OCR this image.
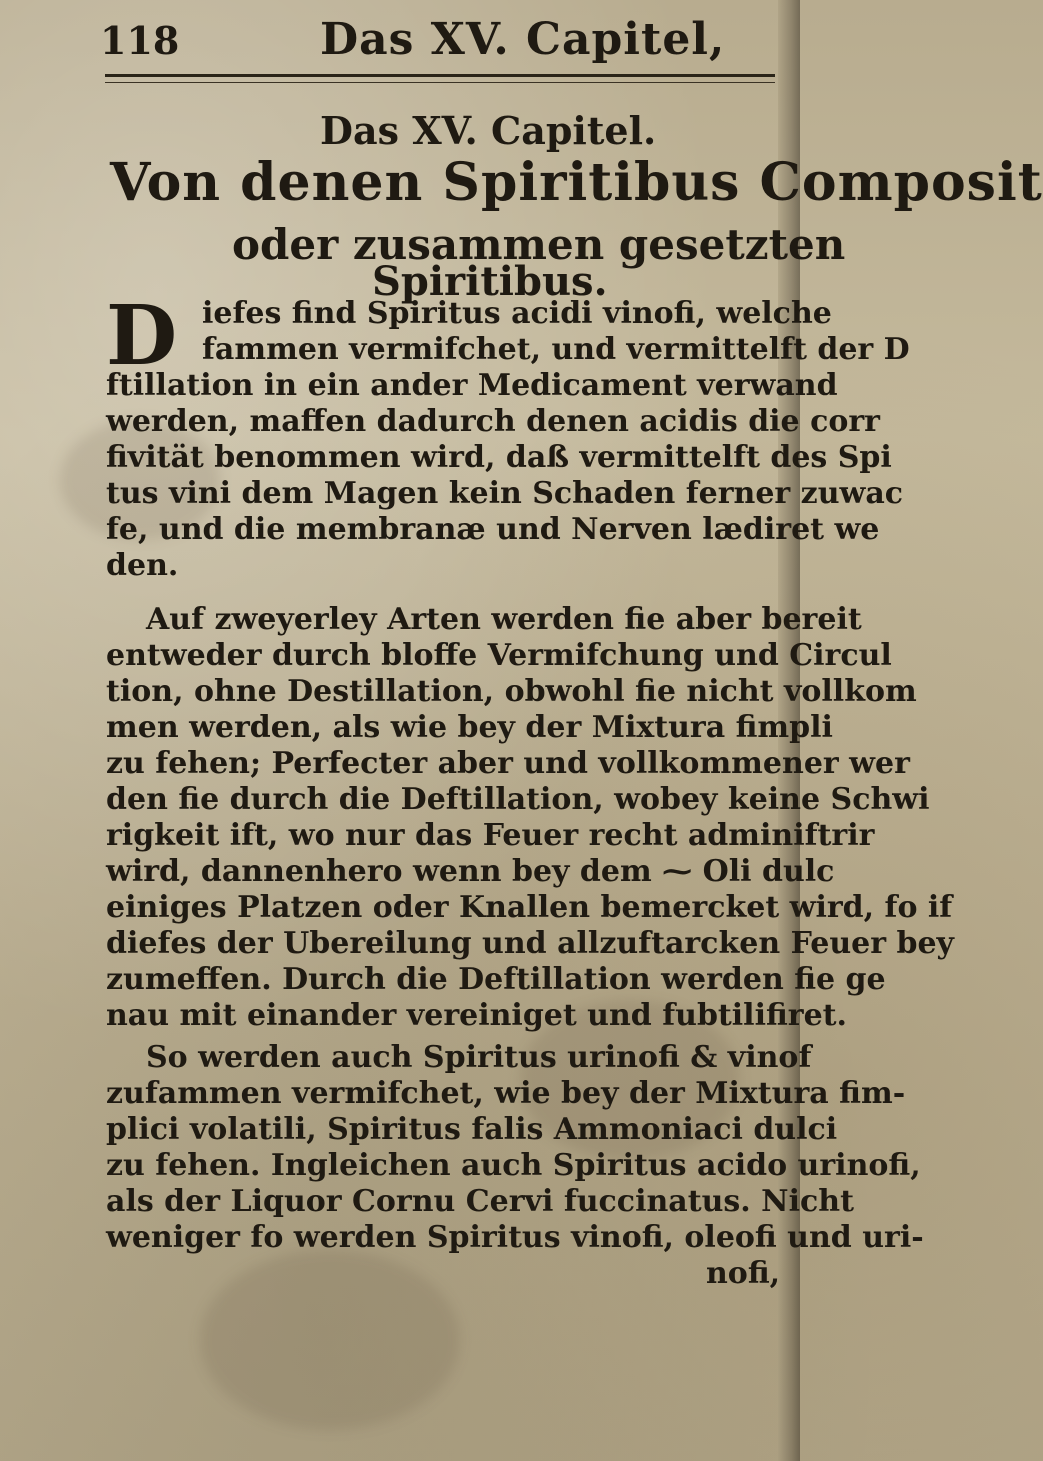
118	Das XV. Capitel,
Das XV. Capitel.
Von denen Spiritibus Composit
oder zusammen gesetzten
Spiritibus.
D iefes find Spiritus acidi vinofi, welche
fammen vermifchet, und vermittelft der D
ftillation in ein ander Medicament verwand
werden, maffen dadurch denen acidis die corr
fivität benommen wird, daß vermittelft des Spi
tus vini dem Magen kein Schaden ferner zuwac
fe, und die membranæ und Nerven lædiret we
den.
Auf zweyerley Arten werden fie aber bereit
entweder durch bloffe Vermifchung und Circul
tion, ohne Destillation, obwohl fie nicht vollkom
men werden, als wie bey der Mixtura fimpli
zu fehen; Perfecter aber und vollkommener wer
den fie durch die Deftillation, wobey keine Schwi
rigkeit ift, wo nur das Feuer recht adminiftrir
wird, dannenhero wenn bey dem ⁓ Oli dulc
einiges Platzen oder Knallen bemercket wird, fo if
diefes der Ubereilung und allzuftarcken Feuer bey
zumeffen. Durch die Deftillation werden fie ge
nau mit einander vereiniget und fubtilifiret.
So werden auch Spiritus urinofi & vinof
zufammen vermifchet, wie bey der Mixtura fim-
plici volatili, Spiritus falis Ammoniaci dulci
zu fehen. Ingleichen auch Spiritus acido urinofi,
als der Liquor Cornu Cervi fuccinatus. Nicht
weniger fo werden Spiritus vinofi, oleofi und uri-
nofi,
